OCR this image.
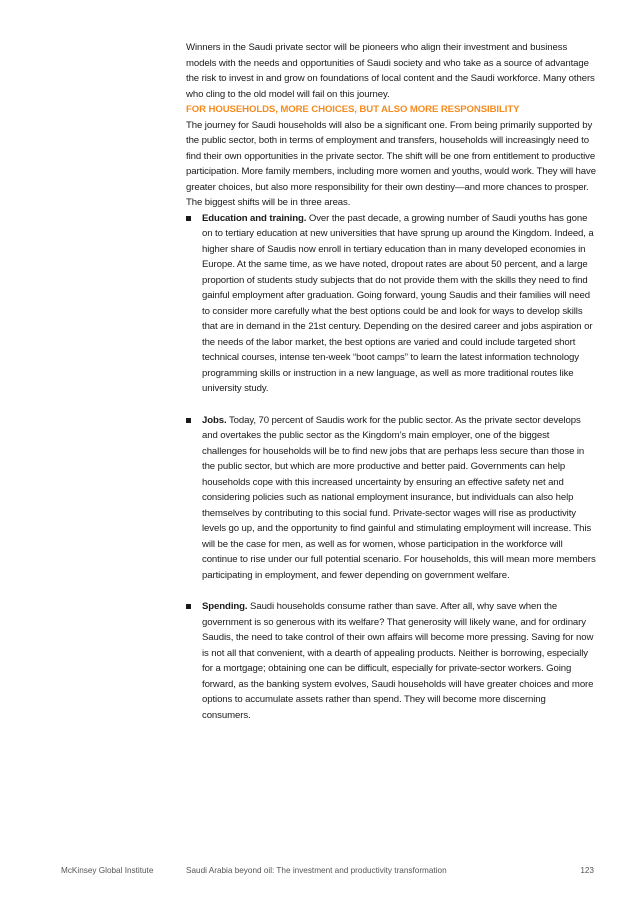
Winners in the Saudi private sector will be pioneers who align their investment and business models with the needs and opportunities of Saudi society and who take as a source of advantage the risk to invest in and grow on foundations of local content and the Saudi workforce. Many others who cling to the old model will fail on this journey.

FOR HOUSEHOLDS, MORE CHOICES, BUT ALSO MORE RESPONSIBILITY

The journey for Saudi households will also be a significant one. From being primarily supported by the public sector, both in terms of employment and transfers, households will increasingly need to find their own opportunities in the private sector. The shift will be one from entitlement to productive participation. More family members, including more women and youths, would work. They will have greater choices, but also more responsibility for their own destiny—and more chances to prosper. The biggest shifts will be in three areas.

Education and training. Over the past decade, a growing number of Saudi youths has gone on to tertiary education at new universities that have sprung up around the Kingdom. Indeed, a higher share of Saudis now enroll in tertiary education than in many developed economies in Europe. At the same time, as we have noted, dropout rates are about 50 percent, and a large proportion of students study subjects that do not provide them with the skills they need to find gainful employment after graduation. Going forward, young Saudis and their families will need to consider more carefully what the best options could be and look for ways to develop skills that are in demand in the 21st century. Depending on the desired career and jobs aspiration or the needs of the labor market, the best options are varied and could include targeted short technical courses, intense ten-week “boot camps” to learn the latest information technology programming skills or instruction in a new language, as well as more traditional routes like university study.
Jobs. Today, 70 percent of Saudis work for the public sector. As the private sector develops and overtakes the public sector as the Kingdom’s main employer, one of the biggest challenges for households will be to find new jobs that are perhaps less secure than those in the public sector, but which are more productive and better paid. Governments can help households cope with this increased uncertainty by ensuring an effective safety net and considering policies such as national employment insurance, but individuals can also help themselves by contributing to this social fund. Private-sector wages will rise as productivity levels go up, and the opportunity to find gainful and stimulating employment will increase. This will be the case for men, as well as for women, whose participation in the workforce will continue to rise under our full potential scenario. For households, this will mean more members participating in employment, and fewer depending on government welfare.
Spending. Saudi households consume rather than save. After all, why save when the government is so generous with its welfare? That generosity will likely wane, and for ordinary Saudis, the need to take control of their own affairs will become more pressing. Saving for now is not all that convenient, with a dearth of appealing products. Neither is borrowing, especially for a mortgage; obtaining one can be difficult, especially for private-sector workers. Going forward, as the banking system evolves, Saudi households will have greater choices and more options to accumulate assets rather than spend. They will become more discerning consumers.
McKinsey Global Institute	Saudi Arabia beyond oil: The investment and productivity transformation	123
